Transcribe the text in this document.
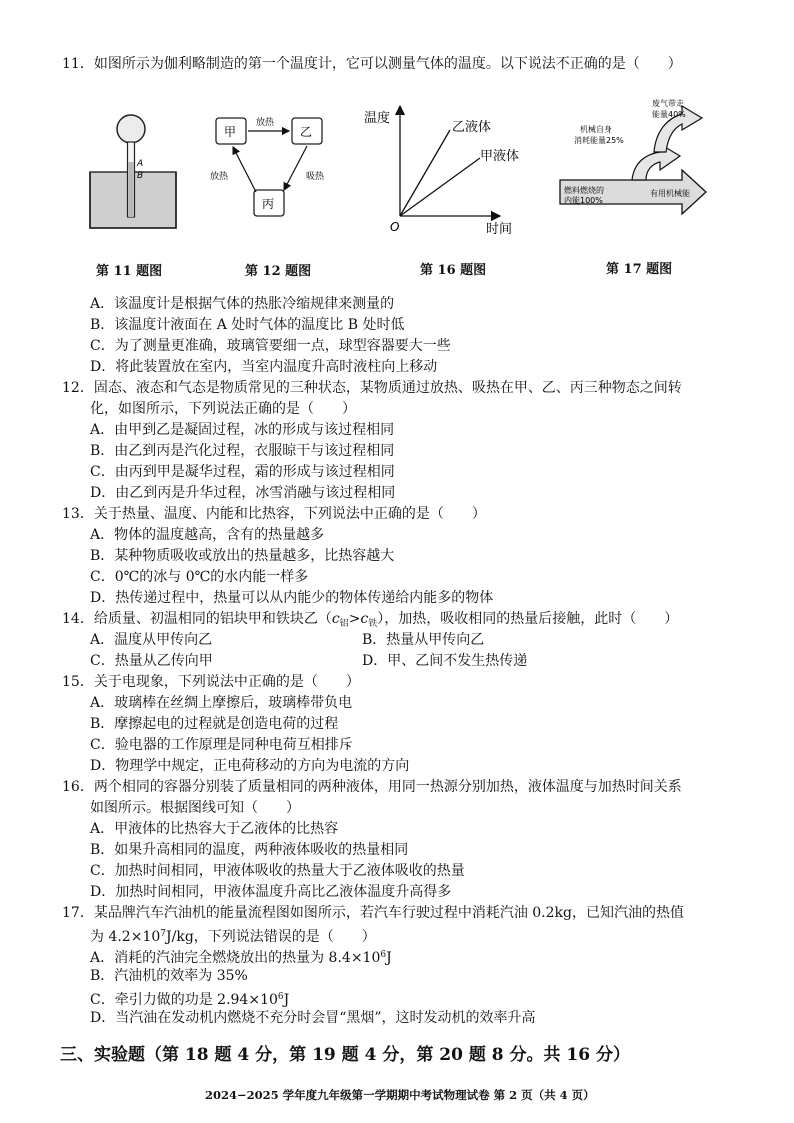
11．如图所示为伽利略制造的第一个温度计，它可以测量气体的温度。以下说法不正确的是（　　）
A
B
第 11 题图
甲	乙
丙
放热
吸热
放热
第 12 题图
温度
时间
O
乙液体
甲液体
第 16 题图
废气带走能量40%
机械自身消耗能量25%
燃料燃烧的内能100%
有用机械能
第 17 题图
A．该温度计是根据气体的热胀冷缩规律来测量的
B．该温度计液面在 A 处时气体的温度比 B 处时低
C．为了测量更准确，玻璃管要细一点，球型容器要大一些
D．将此装置放在室内，当室内温度升高时液柱向上移动
12．固态、液态和气态是物质常见的三种状态，某物质通过放热、吸热在甲、乙、丙三种物态之间转
化，如图所示，下列说法正确的是（　　）
A．由甲到乙是凝固过程，冰的形成与该过程相同
B．由乙到丙是汽化过程，衣服晾干与该过程相同
C．由丙到甲是凝华过程，霜的形成与该过程相同
D．由乙到丙是升华过程，冰雪消融与该过程相同
13．关于热量、温度、内能和比热容，下列说法中正确的是（　　）
A．物体的温度越高，含有的热量越多
B．某种物质吸收或放出的热量越多，比热容越大
C．0℃的冰与 0℃的水内能一样多
D．热传递过程中，热量可以从内能少的物体传递给内能多的物体
14．给质量、初温相同的铝块甲和铁块乙$(c_铝>c_铁)$，加热，吸收相同的热量后接触，此时（　　）
A．温度从甲传向乙	B．热量从甲传向乙
C．热量从乙传向甲	D．甲、乙间不发生热传递
15．关于电现象，下列说法中正确的是（　　）
A．玻璃棒在丝绸上摩擦后，玻璃棒带负电
B．摩擦起电的过程就是创造电荷的过程
C．验电器的工作原理是同种电荷互相排斥
D．物理学中规定，正电荷移动的方向为电流的方向
16．两个相同的容器分别装了质量相同的两种液体，用同一热源分别加热，液体温度与加热时间关系
如图所示。根据图线可知（　　）
A．甲液体的比热容大于乙液体的比热容
B．如果升高相同的温度，两种液体吸收的热量相同
C．加热时间相同，甲液体吸收的热量大于乙液体吸收的热量
D．加热时间相同，甲液体温度升高比乙液体温度升高得多
17．某品牌汽车汽油机的能量流程图如图所示，若汽车行驶过程中消耗汽油 0.2kg，已知汽油的热值
为 $4.2\times 10^7J/kg$，下列说法错误的是（　　）
A．消耗的汽油完全燃烧放出的热量为 $8.4\times 10^6J$
B．汽油机的效率为 35%
C．牵引力做的功是 $2.94\times 10^6J$
D．当汽油在发动机内燃烧不充分时会冒“黑烟”，这时发动机的效率升高
三、实验题（第 18 题 4 分，第 19 题 4 分，第 20 题 8 分。共 16 分）
2024−2025 学年度九年级第一学期期中考试物理试卷 第 2 页（共 4 页）
